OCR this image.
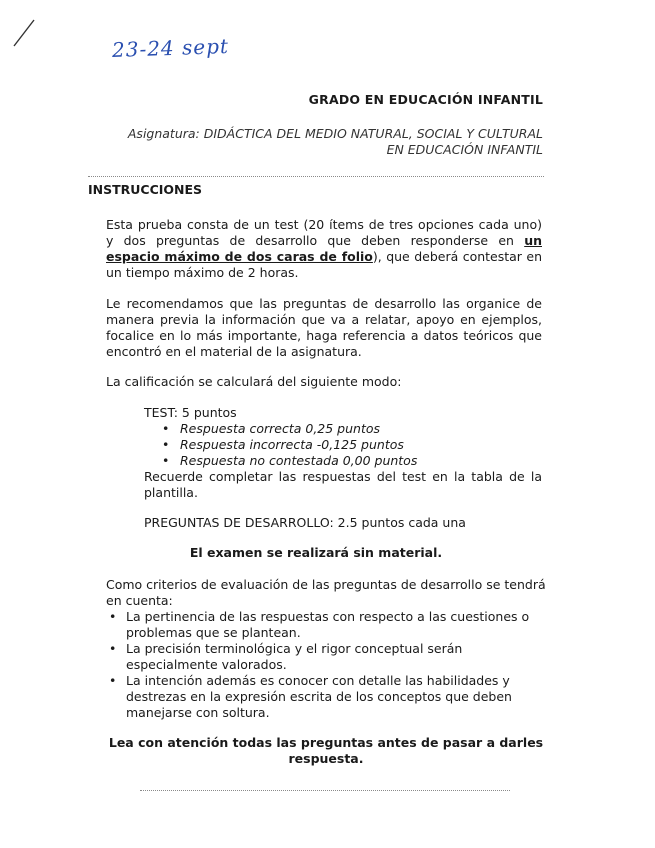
23-24 sept
GRADO EN EDUCACIÓN INFANTIL
Asignatura: DIDÁCTICA DEL MEDIO NATURAL, SOCIAL Y CULTURAL EN EDUCACIÓN INFANTIL
INSTRUCCIONES
Esta prueba consta de un test (20 ítems de tres opciones cada uno) y dos preguntas de desarrollo que deben responderse en un espacio máximo de dos caras de folio), que deberá contestar en un tiempo máximo de 2 horas.
Le recomendamos que las preguntas de desarrollo las organice de manera previa la información que va a relatar, apoyo en ejemplos, focalice en lo más importante, haga referencia a datos teóricos que encontró en el material de la asignatura.
La calificación se calculará del siguiente modo:
TEST: 5 puntos
• Respuesta correcta 0,25 puntos
• Respuesta incorrecta -0,125 puntos
• Respuesta no contestada 0,00 puntos
Recuerde completar las respuestas del test en la tabla de la plantilla.
PREGUNTAS DE DESARROLLO: 2.5 puntos cada una
El examen se realizará sin material.
Como criterios de evaluación de las preguntas de desarrollo se tendrá en cuenta:
• La pertinencia de las respuestas con respecto a las cuestiones o problemas que se plantean.
• La precisión terminológica y el rigor conceptual serán especialmente valorados.
• La intención además es conocer con detalle las habilidades y destrezas en la expresión escrita de los conceptos que deben manejarse con soltura.
Lea con atención todas las preguntas antes de pasar a darles respuesta.
